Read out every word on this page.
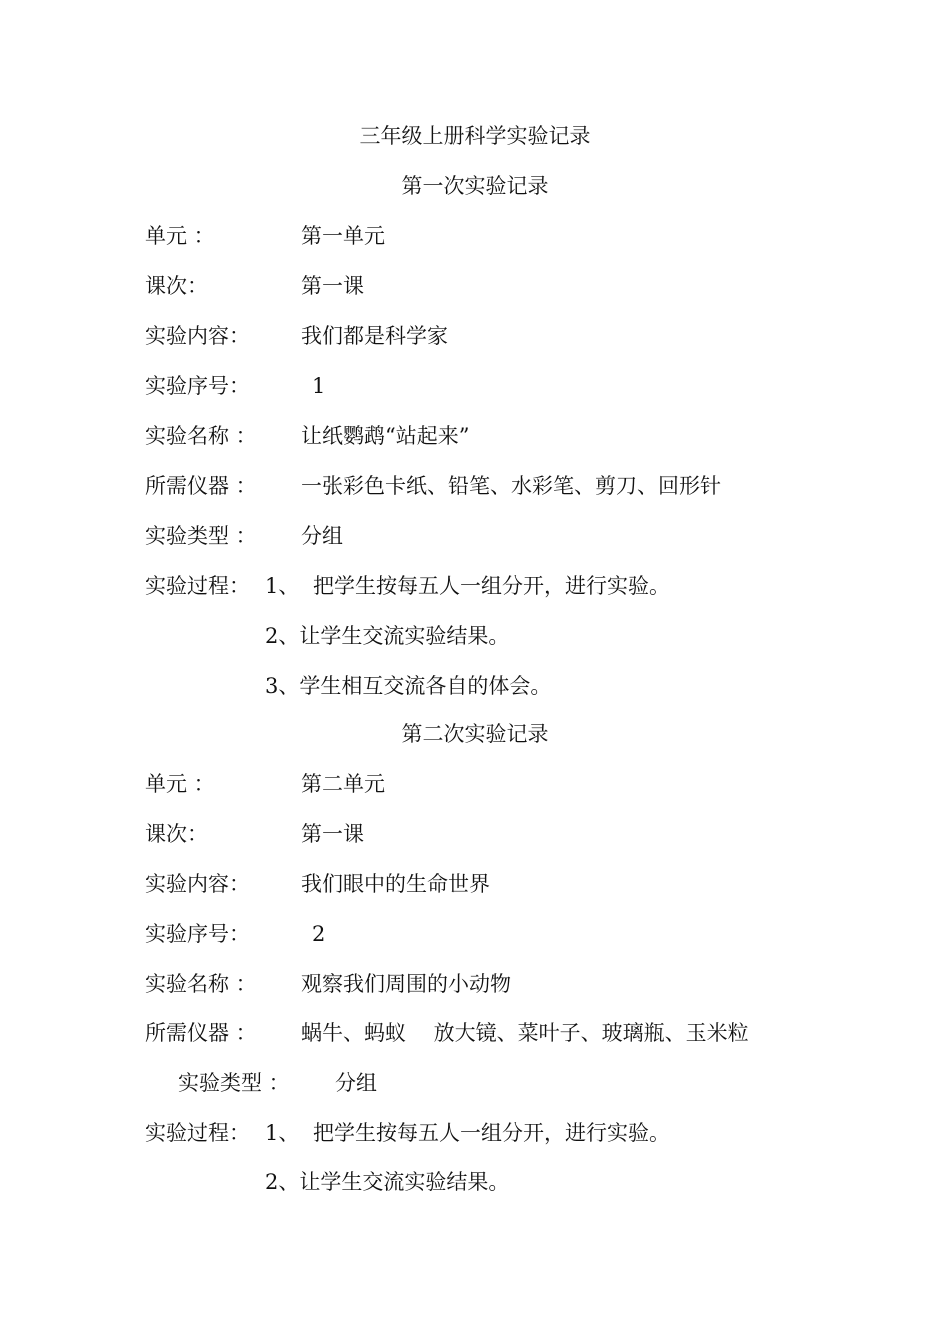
三年级上册科学实验记录
第一次实验记录
单元 ：	第一单元
课次：	第一课
实验内容： 我们都是科学家
实验序号：	1
实验名称 ： 让纸鹦鹉“站起来”
所需仪器 ： 一张彩色卡纸、铅笔、水彩笔、剪刀、回形针
实验类型 ： 分组
实验过程： 1、 把学生按每五人一组分开，进行实验。
2、让学生交流实验结果。
3、学生相互交流各自的体会。
第二次实验记录
单元 ：	第二单元
课次：	第一课
实验内容： 我们眼中的生命世界
实验序号：	2
实验名称 ： 观察我们周围的小动物
所需仪器 ： 蜗牛、蚂蚁　 放大镜、菜叶子、玻璃瓶、玉米粒
实验类型 ： 分组
实验过程： 1、 把学生按每五人一组分开，进行实验。
2、让学生交流实验结果。
